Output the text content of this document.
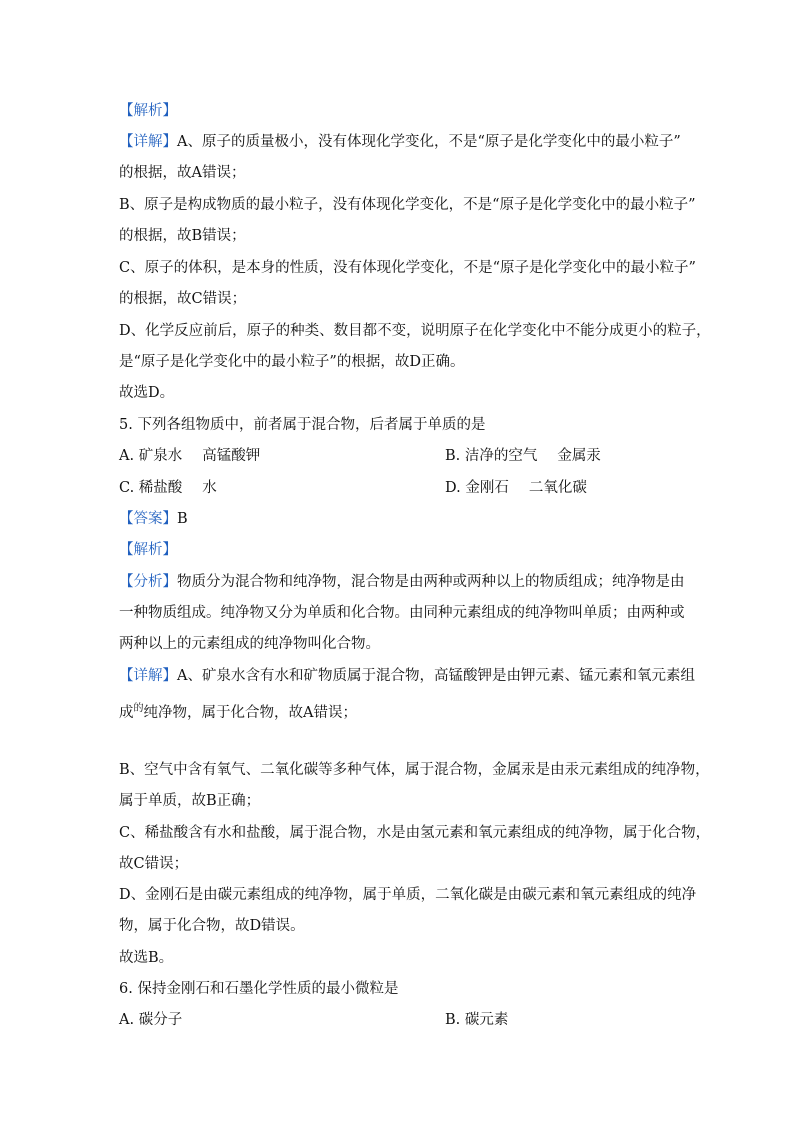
【解析】
【详解】A、原子的质量极小，没有体现化学变化，不是“原子是化学变化中的最小粒子”
的根据，故A错误；
B、原子是构成物质的最小粒子，没有体现化学变化，不是“原子是化学变化中的最小粒子”
的根据，故B错误；
C、原子的体积，是本身的性质，没有体现化学变化，不是“原子是化学变化中的最小粒子”
的根据，故C错误；
D、化学反应前后，原子的种类、数目都不变，说明原子在化学变化中不能分成更小的粒子，
是“原子是化学变化中的最小粒子”的根据，故D正确。
故选D。
5. 下列各组物质中，前者属于混合物，后者属于单质的是
A. 矿泉水 高锰酸钾	B. 洁净的空气 金属汞
C. 稀盐酸 水	D. 金刚石 二氧化碳
【答案】B
【解析】
【分析】物质分为混合物和纯净物，混合物是由两种或两种以上的物质组成；纯净物是由
一种物质组成。纯净物又分为单质和化合物。由同种元素组成的纯净物叫单质；由两种或
两种以上的元素组成的纯净物叫化合物。
【详解】A、矿泉水含有水和矿物质属于混合物，高锰酸钾是由钾元素、锰元素和氧元素组
成$^的$纯净物，属于化合物，故A错误；
B、空气中含有氧气、二氧化碳等多种气体，属于混合物，金属汞是由汞元素组成的纯净物，
属于单质，故B正确；
C、稀盐酸含有水和盐酸，属于混合物，水是由氢元素和氧元素组成的纯净物，属于化合物，
故C错误；
D、金刚石是由碳元素组成的纯净物，属于单质，二氧化碳是由碳元素和氧元素组成的纯净
物，属于化合物，故D错误。
故选B。
6. 保持金刚石和石墨化学性质的最小微粒是
A. 碳分子	B. 碳元素
